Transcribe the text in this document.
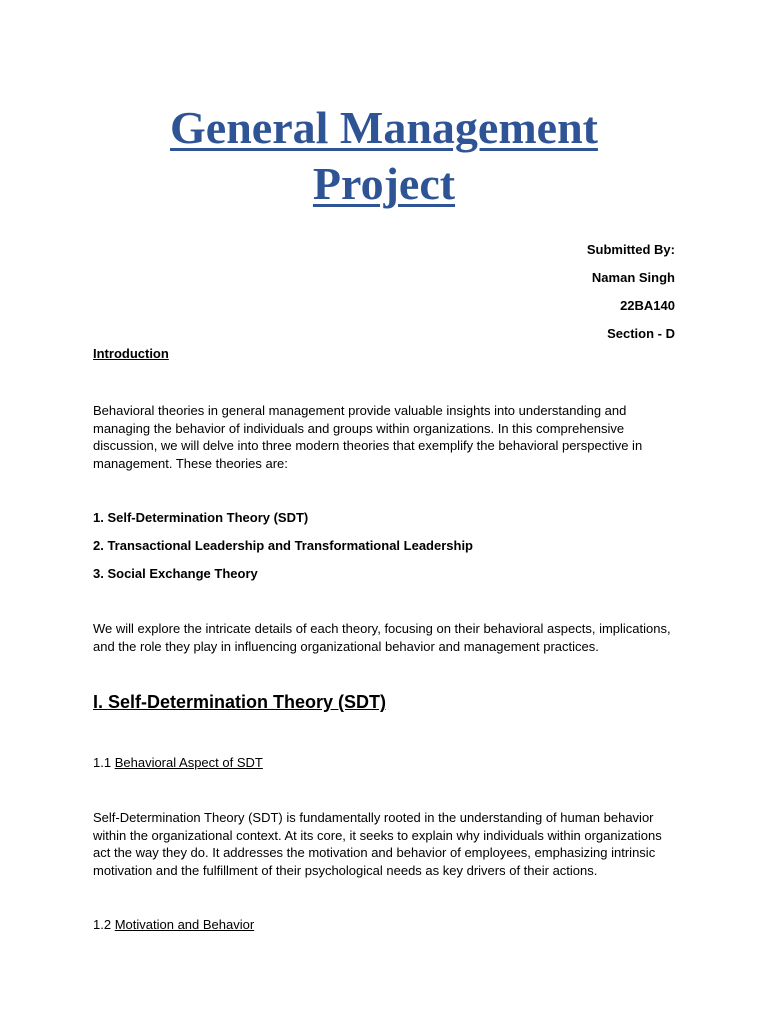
General Management
Project
Submitted By:
Naman Singh
22BA140
Section - D
Introduction
Behavioral theories in general management provide valuable insights into understanding and managing the behavior of individuals and groups within organizations. In this comprehensive discussion, we will delve into three modern theories that exemplify the behavioral perspective in management. These theories are:
1. Self-Determination Theory (SDT)
2. Transactional Leadership and Transformational Leadership
3. Social Exchange Theory
We will explore the intricate details of each theory, focusing on their behavioral aspects, implications, and the role they play in influencing organizational behavior and management practices.
I. Self-Determination Theory (SDT)
1.1 Behavioral Aspect of SDT
Self-Determination Theory (SDT) is fundamentally rooted in the understanding of human behavior within the organizational context. At its core, it seeks to explain why individuals within organizations act the way they do. It addresses the motivation and behavior of employees, emphasizing intrinsic motivation and the fulfillment of their psychological needs as key drivers of their actions.
1.2 Motivation and Behavior
